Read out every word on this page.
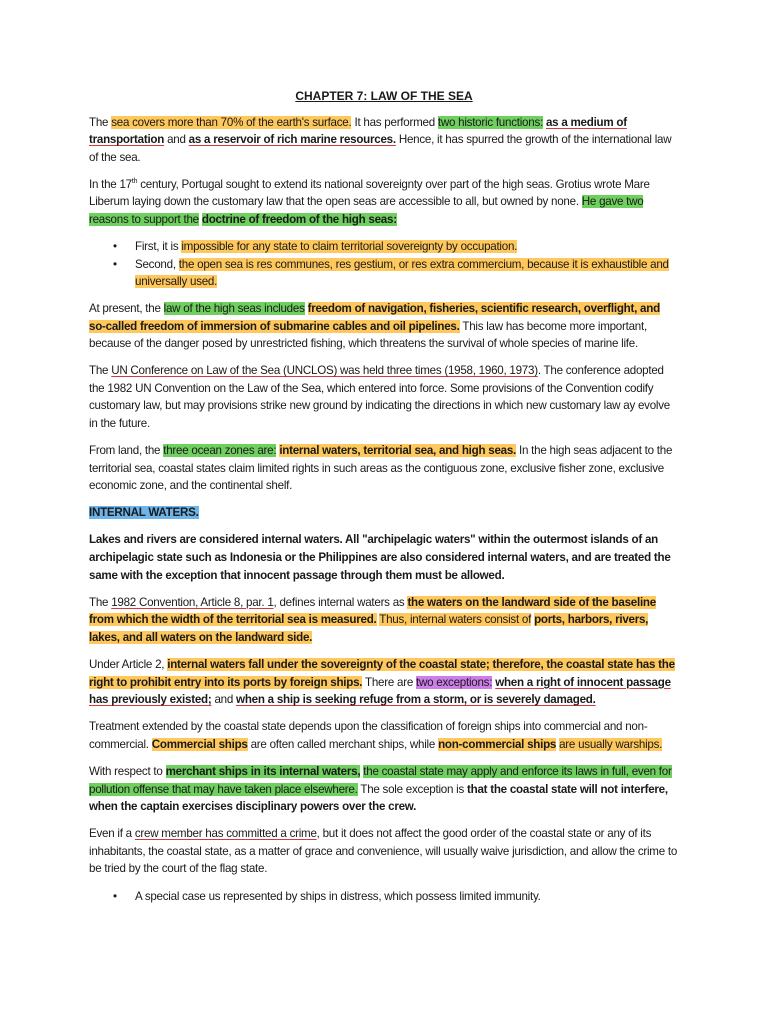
CHAPTER 7: LAW OF THE SEA

The sea covers more than 70% of the earth's surface. It has performed two historic functions: as a medium of transportation and as a reservoir of rich marine resources. Hence, it has spurred the growth of the international law of the sea.

In the 17th century, Portugal sought to extend its national sovereignty over part of the high seas. Grotius wrote Mare Liberum laying down the customary law that the open seas are accessible to all, but owned by none. He gave two reasons to support the doctrine of freedom of the high seas:

• First, it is impossible for any state to claim territorial sovereignty by occupation.
• Second, the open sea is res communes, res gestium, or res extra commercium, because it is exhaustible and universally used.

At present, the law of the high seas includes freedom of navigation, fisheries, scientific research, overflight, and so-called freedom of immersion of submarine cables and oil pipelines. This law has become more important, because of the danger posed by unrestricted fishing, which threatens the survival of whole species of marine life.

The UN Conference on Law of the Sea (UNCLOS) was held three times (1958, 1960, 1973). The conference adopted the 1982 UN Convention on the Law of the Sea, which entered into force. Some provisions of the Convention codify customary law, but may provisions strike new ground by indicating the directions in which new customary law ay evolve in the future.

From land, the three ocean zones are: internal waters, territorial sea, and high seas. In the high seas adjacent to the territorial sea, coastal states claim limited rights in such areas as the contiguous zone, exclusive fisher zone, exclusive economic zone, and the continental shelf.

INTERNAL WATERS.

Lakes and rivers are considered internal waters. All "archipelagic waters" within the outermost islands of an archipelagic state such as Indonesia or the Philippines are also considered internal waters, and are treated the same with the exception that innocent passage through them must be allowed.

The 1982 Convention, Article 8, par. 1, defines internal waters as the waters on the landward side of the baseline from which the width of the territorial sea is measured. Thus, internal waters consist of ports, harbors, rivers, lakes, and all waters on the landward side.

Under Article 2, internal waters fall under the sovereignty of the coastal state; therefore, the coastal state has the right to prohibit entry into its ports by foreign ships. There are two exceptions: when a right of innocent passage has previously existed; and when a ship is seeking refuge from a storm, or is severely damaged.

Treatment extended by the coastal state depends upon the classification of foreign ships into commercial and non-commercial. Commercial ships are often called merchant ships, while non-commercial ships are usually warships.

With respect to merchant ships in its internal waters, the coastal state may apply and enforce its laws in full, even for pollution offense that may have taken place elsewhere. The sole exception is that the coastal state will not interfere, when the captain exercises disciplinary powers over the crew.

Even if a crew member has committed a crime, but it does not affect the good order of the coastal state or any of its inhabitants, the coastal state, as a matter of grace and convenience, will usually waive jurisdiction, and allow the crime to be tried by the court of the flag state.

• A special case us represented by ships in distress, which possess limited immunity.
